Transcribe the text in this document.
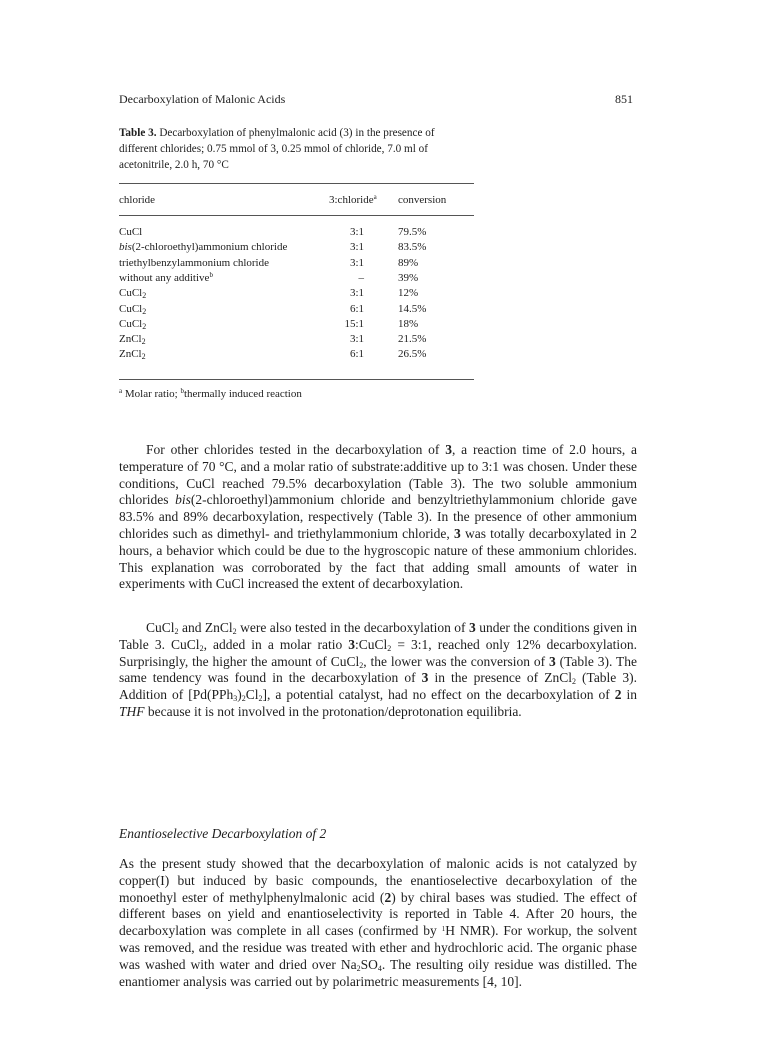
Decarboxylation of Malonic Acids	851
Table 3. Decarboxylation of phenylmalonic acid (3) in the presence of different chlorides; 0.75 mmol of 3, 0.25 mmol of chloride, 7.0 ml of acetonitrile, 2.0 h, 70 °C
chloride	3:chloride$^a$ conversion
CuCl	3:1	79.5%
bis(2-chloroethyl)ammonium chloride	3:1	83.5%
triethylbenzylammonium chloride	3:1	89%
without any additive$^b$	–	39%
CuCl$_2$	3:1	12%
CuCl$_2$	6:1	14.5%
CuCl$_2$	15:1	18%
ZnCl$_2$	3:1	21.5%
ZnCl$_2$	6:1	26.5%
$^a$ Molar ratio; $^b$thermally induced reaction
For other chlorides tested in the decarboxylation of 3, a reaction time of 2.0 hours, a temperature of 70 °C, and a molar ratio of substrate:additive up to 3:1 was chosen. Under these conditions, CuCl reached 79.5% decarboxylation (Table 3). The two soluble ammonium chlorides bis(2-chloroethyl)ammonium chloride and benzyltriethylammonium chloride gave 83.5% and 89% decarboxylation, respectively (Table 3). In the presence of other ammonium chlorides such as dimethyl- and triethylammonium chloride, 3 was totally decarboxylated in 2 hours, a behavior which could be due to the hygroscopic nature of these ammonium chlorides. This explanation was corroborated by the fact that adding small amounts of water in experiments with CuCl increased the extent of decarboxylation.
CuCl$_2$ and ZnCl$_2$ were also tested in the decarboxylation of 3 under the conditions given in Table 3. CuCl$_2$, added in a molar ratio 3:CuCl$_2$ = 3:1, reached only 12% decarboxylation. Surprisingly, the higher the amount of CuCl$_2$, the lower was the conversion of 3 (Table 3). The same tendency was found in the decarboxylation of 3 in the presence of ZnCl$_2$ (Table 3). Addition of $[Pd(PPh_3)_2Cl_2]$, a potential catalyst, had no effect on the decarboxylation of 2 in THF because it is not involved in the protonation/deprotonation equilibria.
Enantioselective Decarboxylation of 2
As the present study showed that the decarboxylation of malonic acids is not catalyzed by copper(I) but induced by basic compounds, the enantioselective decarboxylation of the monoethyl ester of methylphenylmalonic acid (2) by chiral bases was studied. The effect of different bases on yield and enantioselectivity is reported in Table 4. After 20 hours, the decarboxylation was complete in all cases (confirmed by $^1$H NMR). For workup, the solvent was removed, and the residue was treated with ether and hydrochloric acid. The organic phase was washed with water and dried over $Na_2SO_4$. The resulting oily residue was distilled. The enantiomer analysis was carried out by polarimetric measurements [4, 10].
